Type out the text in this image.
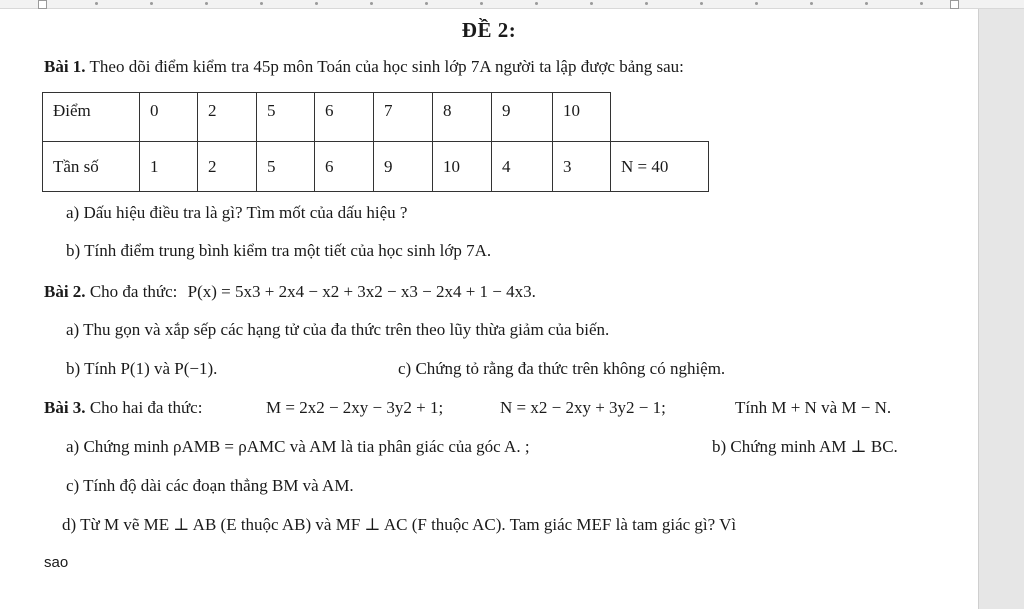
ĐỀ 2:
Bài 1. Theo dõi điểm kiểm tra 45p môn Toán của học sinh lớp 7A người ta lập được bảng sau:
Điểm	0	2	5	6	7	8	9	10	
Tần số	1	2	5	6	9	10	4	3	N = 40
a) Dấu hiệu điều tra là gì? Tìm mốt của dấu hiệu ?
b) Tính điểm trung bình kiểm tra một tiết của học sinh lớp 7A.
Bài 2. Cho đa thức: P(x) = 5x3 + 2x4 − x2 + 3x2 − x3 − 2x4 + 1 − 4x3.
a) Thu gọn và xắp sếp các hạng tử của đa thức trên theo lũy thừa giảm của biến.
b) Tính P(1) và P(−1).	c) Chứng tỏ rằng đa thức trên không có nghiệm.
Bài 3. Cho hai đa thức:	M = 2x2 − 2xy − 3y2 + 1;	N = x2 − 2xy + 3y2 − 1;	Tính M + N và M − N.
a) Chứng minh ρAMB = ρAMC và AM là tia phân giác của góc A. ;	b) Chứng minh AM ⊥ BC.
c) Tính độ dài các đoạn thẳng BM và AM.
d) Từ M vẽ ME ⊥ AB (E thuộc AB) và MF ⊥ AC (F thuộc AC). Tam giác MEF là tam giác gì? Vì
sao
